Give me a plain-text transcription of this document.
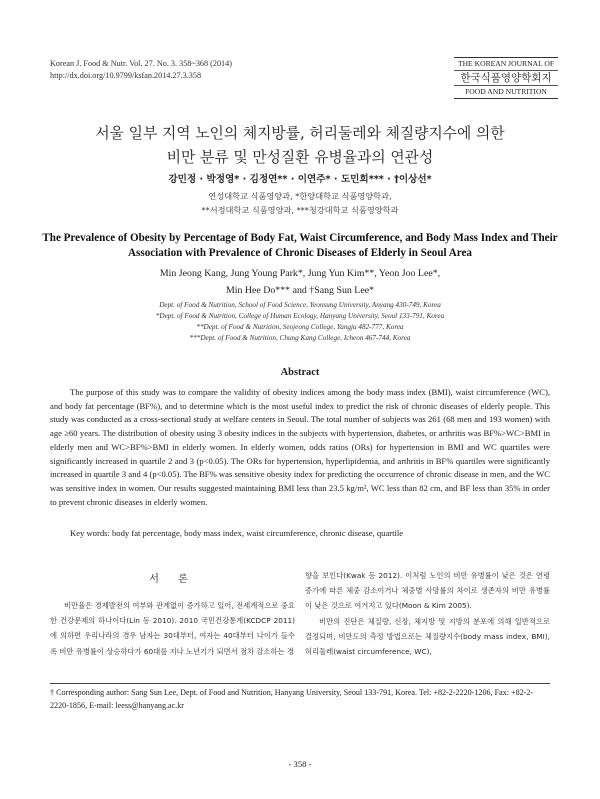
Korean J. Food & Nutr. Vol. 27. No. 3. 358~368 (2014)
http://dx.doi.org/10.9799/ksfan.2014.27.3.358
THE KOREAN JOURNAL OF
한국식품영양학회지
FOOD AND NUTRITION
서울 일부 지역 노인의 체지방률, 허리둘레와 체질량지수에 의한
비만 분류 및 만성질환 유병율과의 연관성
강민정 · 박정영* · 김정연** · 이연주* · 도민희*** · †이상선*
연성대학교 식품영양과, *한양대학교 식품영양학과,
**서정대학교 식품영양과, ***청강대학교 식품영양학과
The Prevalence of Obesity by Percentage of Body Fat, Waist Circumference, and Body Mass Index and Their Association with Prevalence of Chronic Diseases of Elderly in Seoul Area
Min Jeong Kang, Jung Young Park*, Jung Yun Kim**, Yeon Joo Lee*,
Min Hee Do*** and †Sang Sun Lee*
Dept. of Food & Nutrition, School of Food Science, Yeonsung University, Anyang 430-749, Korea
*Dept. of Food & Nutrition, College of Human Ecology, Hanyang University, Seoul 133-791, Korea
**Dept. of Food & Nutrition, Seojeong College, Yangju 482-777, Korea
***Dept. of Food & Nutrition, Chung Kang College, Icheon 467-744, Korea
Abstract
The purpose of this study was to compare the validity of obesity indices among the body mass index (BMI), waist circumference (WC), and body fat percentage (BF%), and to determine which is the most useful index to predict the risk of chronic diseases of elderly people. This study was conducted as a cross-sectional study at welfare centers in Seoul. The total number of subjects was 261 (68 men and 193 women) with age ≥60 years. The distribution of obesity using 3 obesity indices in the subjects with hypertension, diabetes, or arthritis was BF%>WC>BMI in elderly men and WC>BF%>BMI in elderly women. In elderly women, odds ratios (ORs) for hypertension in BMI and WC quartiles were significantly increased in quartile 2 and 3 (p<0.05). The ORs for hypertension, hyperlipidemia, and arthritis in BF% quartiles were significantly increased in quartile 3 and 4 (p<0.05). The BF% was sensitive obesity index for predicting the occurrence of chronic disease in men, and the WC was sensitive index in women. Our results suggested maintaining BMI less than 23.5 kg/m², WC less than 82 cm, and BF less than 35% in order to prevent chronic diseases in elderly women.
Key words: body fat percentage, body mass index, waist circumference, chronic disease, quartile
서 론
비만율은 경제발전의 여부와 관계없이 증가하고 있어, 전세계적으로 중요한 건강문제의 하나이다(Lin 등 2010). 2010 국민건강통계(KCDCP 2011)에 의하면 우리나라의 경우 남자는 30대부터, 여자는 40대부터 나이가 들수록 비만 유병률이 상승하다가 60대를 지나 노년기가 되면서 점차 감소하는 경
향을 보인다(Kwak 등 2012). 이처럼 노인의 비만 유병률이 낮은 것은 연령 증가에 따른 체중 감소이거나 체중별 사망률의 차이로 생존자의 비만 유병률이 낮은 것으로 여겨지고 있다(Moon & Kim 2005).
비만의 진단은 체질량, 신장, 체지방 및 지방의 분포에 의해 일반적으로 결정되며, 비만도의 측정 방법으로는 체질량지수(body mass index, BMI), 허리둘레(waist circumference, WC),
† Corresponding author: Sang Sun Lee, Dept. of Food and Nutrition, Hanyang University, Seoul 133-791, Korea. Tel: +82-2-2220-1206, Fax: +82-2-2220-1856, E-mail: leess@hanyang.ac.kr
- 358 -
